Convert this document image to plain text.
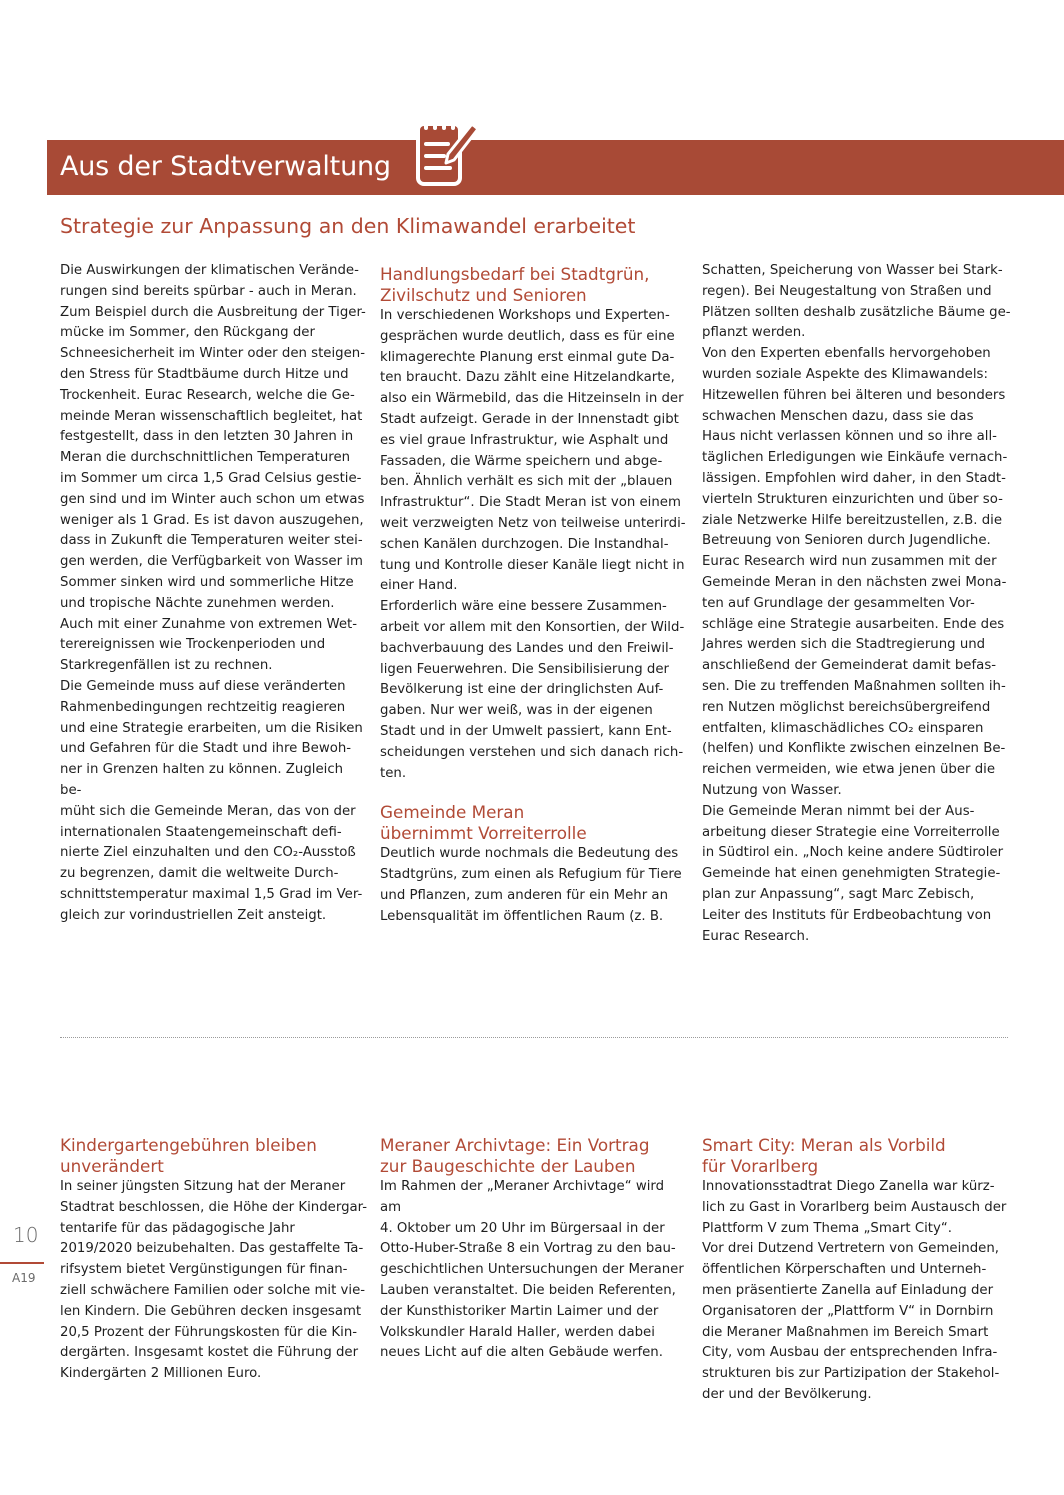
Aus der Stadtverwaltung
Strategie zur Anpassung an den Klimawandel erarbeitet

Die Auswirkungen der klimatischen Verände-
rungen sind bereits spürbar - auch in Meran.
Zum Beispiel durch die Ausbreitung der Tiger-
mücke im Sommer, den Rückgang der
Schneesicherheit im Winter oder den steigen-
den Stress für Stadtbäume durch Hitze und
Trockenheit. Eurac Research, welche die Ge-
meinde Meran wissenschaftlich begleitet, hat
festgestellt, dass in den letzten 30 Jahren in
Meran die durchschnittlichen Temperaturen
im Sommer um circa 1,5 Grad Celsius gestie-
gen sind und im Winter auch schon um etwas
weniger als 1 Grad. Es ist davon auszugehen,
dass in Zukunft die Temperaturen weiter stei-
gen werden, die Verfügbarkeit von Wasser im
Sommer sinken wird und sommerliche Hitze
und tropische Nächte zunehmen werden.
Auch mit einer Zunahme von extremen Wet-
terereignissen wie Trockenperioden und
Starkregenfällen ist zu rechnen.
Die Gemeinde muss auf diese veränderten
Rahmenbedingungen rechtzeitig reagieren
und eine Strategie erarbeiten, um die Risiken
und Gefahren für die Stadt und ihre Bewoh-
ner in Grenzen halten zu können. Zugleich be-
müht sich die Gemeinde Meran, das von der
internationalen Staatengemeinschaft defi-
nierte Ziel einzuhalten und den CO₂-Ausstoß
zu begrenzen, damit die weltweite Durch-
schnittstemperatur maximal 1,5 Grad im Ver-
gleich zur vorindustriellen Zeit ansteigt.

Handlungsbedarf bei Stadtgrün,
Zivilschutz und Senioren

In verschiedenen Workshops und Experten-
gesprächen wurde deutlich, dass es für eine
klimagerechte Planung erst einmal gute Da-
ten braucht. Dazu zählt eine Hitzelandkarte,
also ein Wärmebild, das die Hitzeinseln in der
Stadt aufzeigt. Gerade in der Innenstadt gibt
es viel graue Infrastruktur, wie Asphalt und
Fassaden, die Wärme speichern und abge-
ben. Ähnlich verhält es sich mit der „blauen
Infrastruktur“. Die Stadt Meran ist von einem
weit verzweigten Netz von teilweise unterirdi-
schen Kanälen durchzogen. Die Instandhal-
tung und Kontrolle dieser Kanäle liegt nicht in
einer Hand.
Erforderlich wäre eine bessere Zusammen-
arbeit vor allem mit den Konsortien, der Wild-
bachverbauung des Landes und den Freiwil-
ligen Feuerwehren. Die Sensibilisierung der
Bevölkerung ist eine der dringlichsten Auf-
gaben. Nur wer weiß, was in der eigenen
Stadt und in der Umwelt passiert, kann Ent-
scheidungen verstehen und sich danach rich-
ten.

Gemeinde Meran
übernimmt Vorreiterrolle

Deutlich wurde nochmals die Bedeutung des
Stadtgrüns, zum einen als Refugium für Tiere
und Pflanzen, zum anderen für ein Mehr an
Lebensqualität im öffentlichen Raum (z. B.

Schatten, Speicherung von Wasser bei Stark-
regen). Bei Neugestaltung von Straßen und
Plätzen sollten deshalb zusätzliche Bäume ge-
pflanzt werden.
Von den Experten ebenfalls hervorgehoben
wurden soziale Aspekte des Klimawandels:
Hitzewellen führen bei älteren und besonders
schwachen Menschen dazu, dass sie das
Haus nicht verlassen können und so ihre all-
täglichen Erledigungen wie Einkäufe vernach-
lässigen. Empfohlen wird daher, in den Stadt-
vierteln Strukturen einzurichten und über so-
ziale Netzwerke Hilfe bereitzustellen, z.B. die
Betreuung von Senioren durch Jugendliche.
Eurac Research wird nun zusammen mit der
Gemeinde Meran in den nächsten zwei Mona-
ten auf Grundlage der gesammelten Vor-
schläge eine Strategie ausarbeiten. Ende des
Jahres werden sich die Stadtregierung und
anschließend der Gemeinderat damit befas-
sen. Die zu treffenden Maßnahmen sollten ih-
ren Nutzen möglichst bereichsübergreifend
entfalten, klimaschädliches CO₂ einsparen
(helfen) und Konflikte zwischen einzelnen Be-
reichen vermeiden, wie etwa jenen über die
Nutzung von Wasser.
Die Gemeinde Meran nimmt bei der Aus-
arbeitung dieser Strategie eine Vorreiterrolle
in Südtirol ein. „Noch keine andere Südtiroler
Gemeinde hat einen genehmigten Strategie-
plan zur Anpassung“, sagt Marc Zebisch,
Leiter des Instituts für Erdbeobachtung von
Eurac Research.

Kindergartengebühren bleiben
unverändert

In seiner jüngsten Sitzung hat der Meraner
Stadtrat beschlossen, die Höhe der Kindergar-
tentarife für das pädagogische Jahr
2019/2020 beizubehalten. Das gestaffelte Ta-
rifsystem bietet Vergünstigungen für finan-
ziell schwächere Familien oder solche mit vie-
len Kindern. Die Gebühren decken insgesamt
20,5 Prozent der Führungskosten für die Kin-
dergärten. Insgesamt kostet die Führung der
Kindergärten 2 Millionen Euro.

Meraner Archivtage: Ein Vortrag
zur Baugeschichte der Lauben

Im Rahmen der „Meraner Archivtage“ wird am
4. Oktober um 20 Uhr im Bürgersaal in der
Otto-Huber-Straße 8 ein Vortrag zu den bau-
geschichtlichen Untersuchungen der Meraner
Lauben veranstaltet. Die beiden Referenten,
der Kunsthistoriker Martin Laimer und der
Volkskundler Harald Haller, werden dabei
neues Licht auf die alten Gebäude werfen.

Smart City: Meran als Vorbild
für Vorarlberg

Innovationsstadtrat Diego Zanella war kürz-
lich zu Gast in Vorarlberg beim Austausch der
Plattform V zum Thema „Smart City“.
Vor drei Dutzend Vertretern von Gemeinden,
öffentlichen Körperschaften und Unterneh-
men präsentierte Zanella auf Einladung der
Organisatoren der „Plattform V“ in Dornbirn
die Meraner Maßnahmen im Bereich Smart
City, vom Ausbau der entsprechenden Infra-
strukturen bis zur Partizipation der Stakehol-
der und der Bevölkerung.

10
A19
